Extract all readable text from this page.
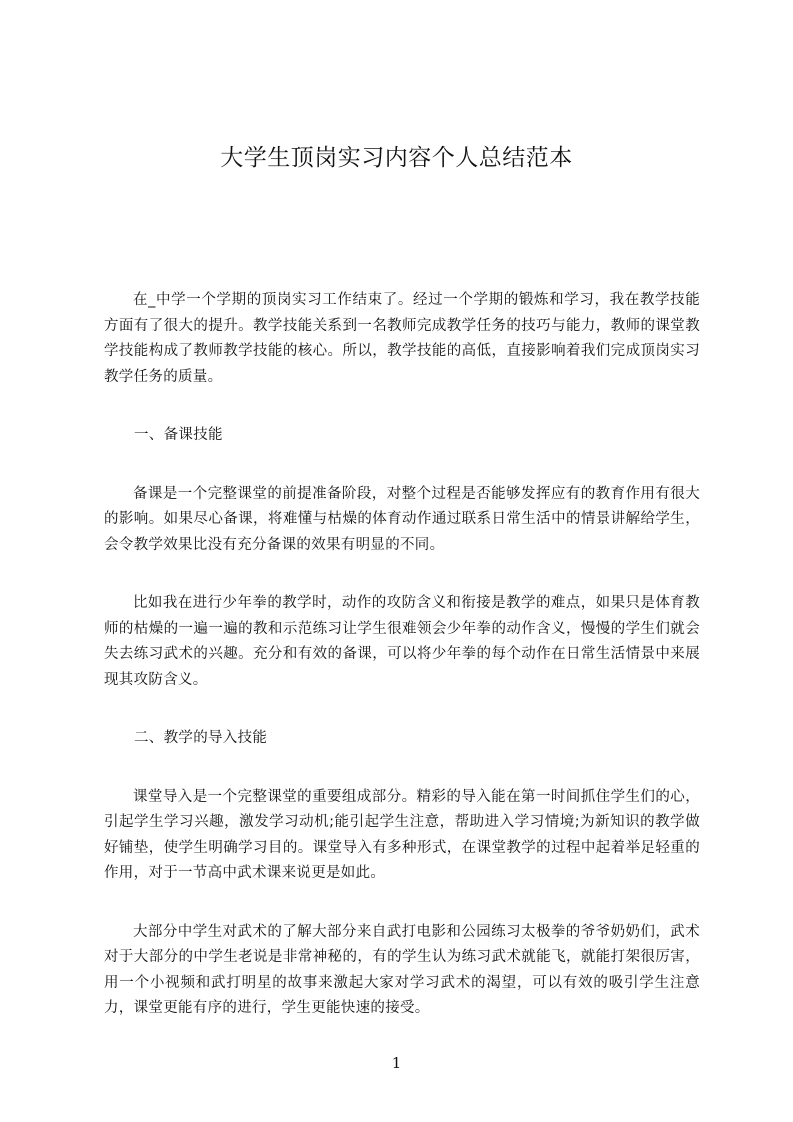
大学生顶岗实习内容个人总结范本

在_中学一个学期的顶岗实习工作结束了。经过一个学期的锻炼和学习，我在教学技能方面有了很大的提升。教学技能关系到一名教师完成教学任务的技巧与能力，教师的课堂教学技能构成了教师教学技能的核心。所以，教学技能的高低，直接影响着我们完成顶岗实习教学任务的质量。

一、备课技能

备课是一个完整课堂的前提准备阶段，对整个过程是否能够发挥应有的教育作用有很大的影响。如果尽心备课，将难懂与枯燥的体育动作通过联系日常生活中的情景讲解给学生，会令教学效果比没有充分备课的效果有明显的不同。

比如我在进行少年拳的教学时，动作的攻防含义和衔接是教学的难点，如果只是体育教师的枯燥的一遍一遍的教和示范练习让学生很难领会少年拳的动作含义，慢慢的学生们就会失去练习武术的兴趣。充分和有效的备课，可以将少年拳的每个动作在日常生活情景中来展现其攻防含义。

二、教学的导入技能

课堂导入是一个完整课堂的重要组成部分。精彩的导入能在第一时间抓住学生们的心，引起学生学习兴趣，激发学习动机;能引起学生注意，帮助进入学习情境;为新知识的教学做好铺垫，使学生明确学习目的。课堂导入有多种形式，在课堂教学的过程中起着举足轻重的作用，对于一节高中武术课来说更是如此。

大部分中学生对武术的了解大部分来自武打电影和公园练习太极拳的爷爷奶奶们，武术对于大部分的中学生老说是非常神秘的，有的学生认为练习武术就能飞，就能打架很厉害，用一个小视频和武打明星的故事来激起大家对学习武术的渴望，可以有效的吸引学生注意力，课堂更能有序的进行，学生更能快速的接受。

1
